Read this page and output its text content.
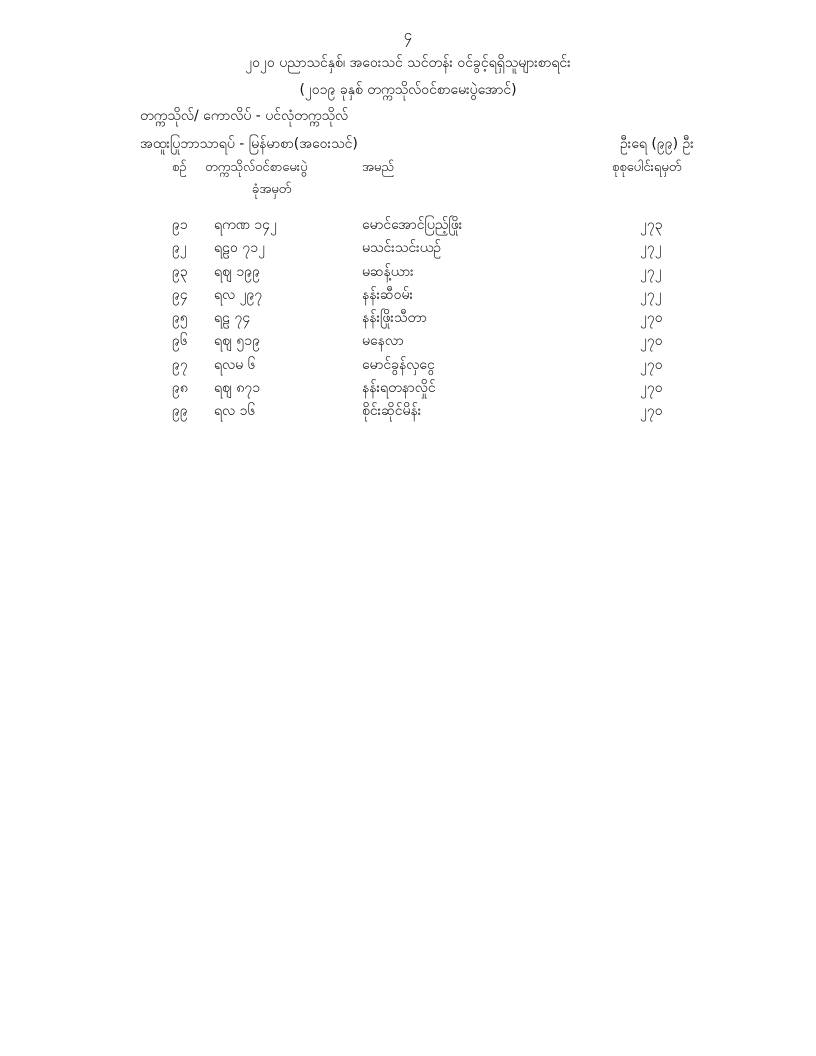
၄
၂၀၂၀ ပညာသင်နှစ်၊ အဝေးသင် သင်တန်း ဝင်ခွင့်ရရှိသူများစာရင်း
(၂၀၁၉ ခုနှစ် တက္ကသိုလ်ဝင်စာမေးပွဲအောင်)
တက္ကသိုလ်/ ကောလိပ် - ပင်လုံတက္ကသိုလ်
အထူးပြုဘာသာရပ် - မြန်မာစာ(အဝေးသင်)	ဦးရေ (၉၉) ဦး
စဉ် တက္ကသိုလ်ဝင်စာမေးပွဲ
ခုံအမှတ်
အမည်	စုစုပေါင်းရမှတ်
၉၁ ရကဏ ၁၄၂	မောင်အောင်ပြည့်ဖြိုး	၂၇၃
၉၂ ရဠ၀ ၇၁၂	မသင်းသင်းယဉ်	၂၇၂
၉၃ ရဈ ၁၉၉	မဆန့်ယား	၂၇၂
၉၄ ရလ ၂၉၇	နန်းဆီဝမ်း	၂၇၂
၉၅ ရဠ ၇၄	နန်းဖြိုးသီတာ	၂၇၀
၉၆ ရဈ ၅၁၉	မနေလာ	၂၇၀
၉၇ ရလမ ၆	မောင်ခွန်လှငွေ	၂၇၀
၉၈ ရဈ ၈၇၁	နန်းရတနာလှိုင်	၂၇၀
၉၉ ရလ ၁၆	စိုင်းဆိုင်မိန်း	၂၇၀
